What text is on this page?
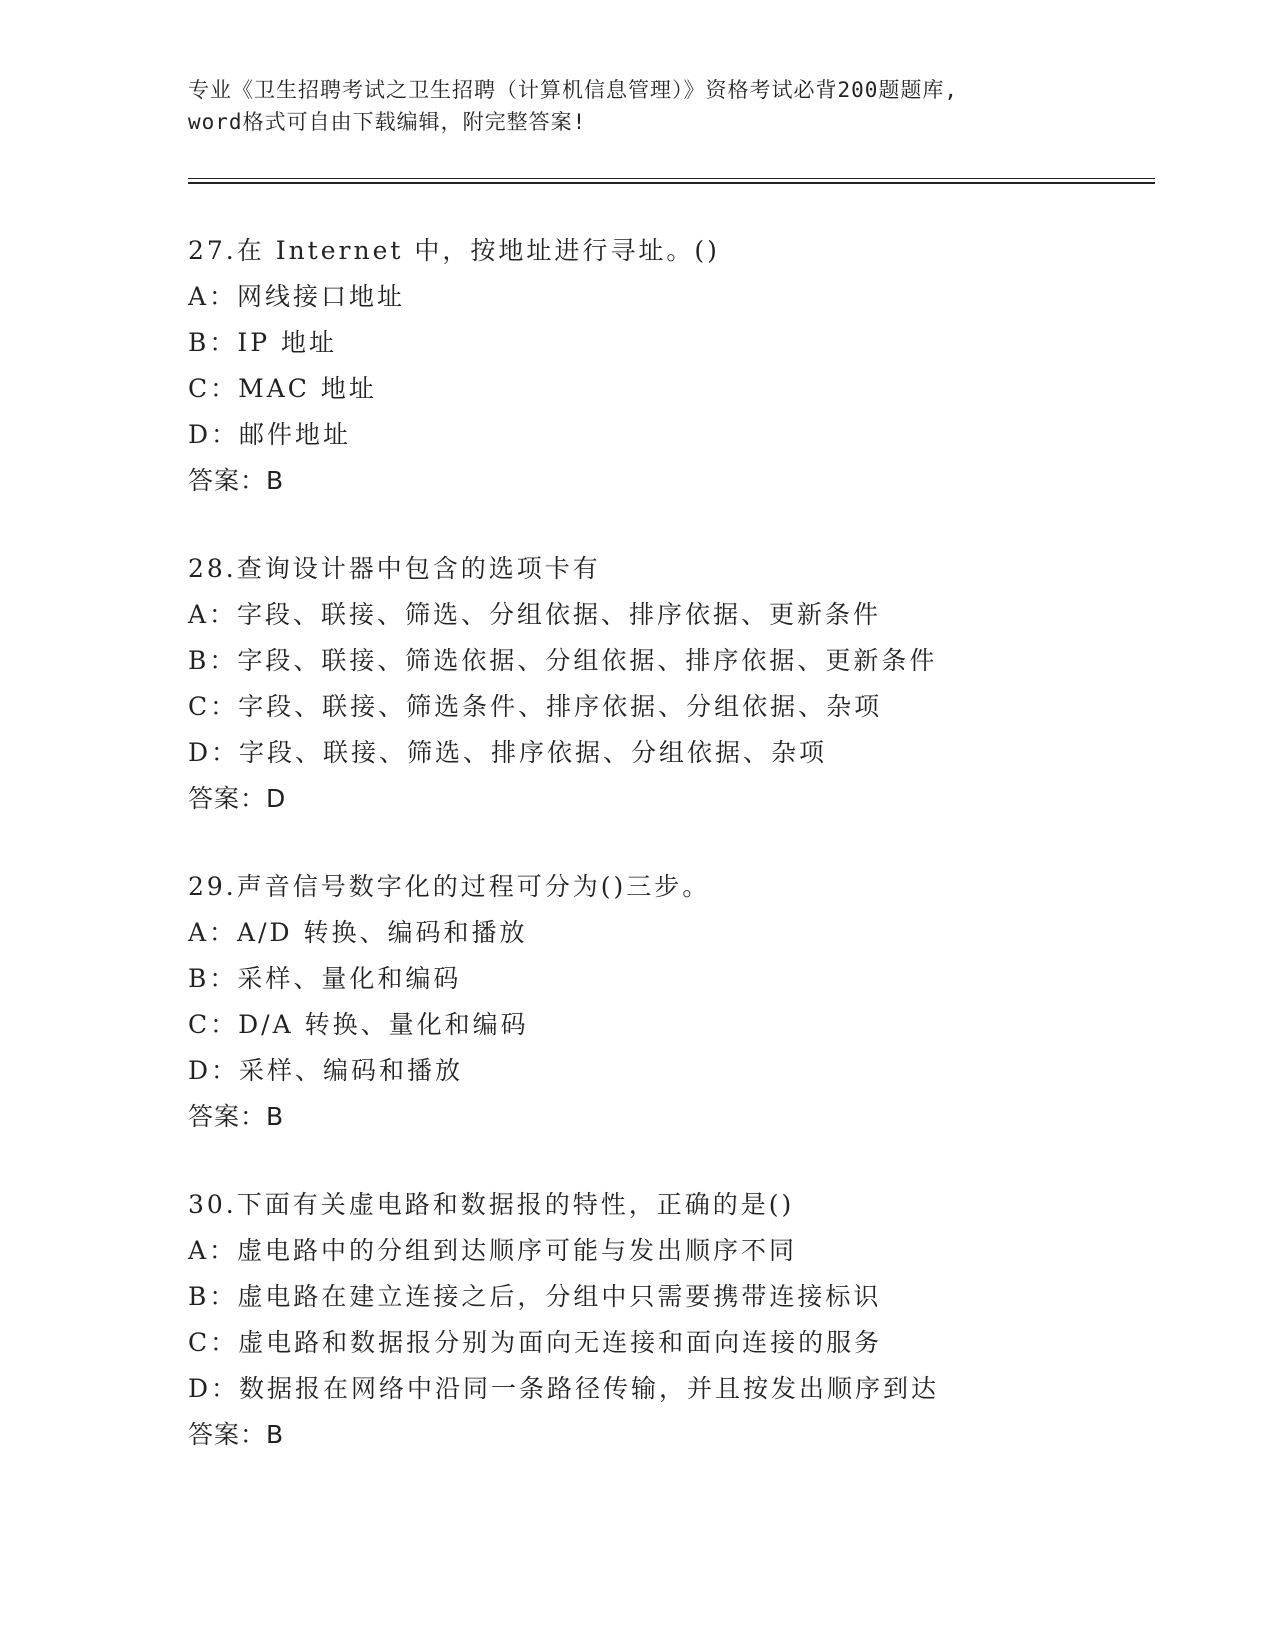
专业《卫生招聘考试之卫生招聘（计算机信息管理）》资格考试必背200题题库,
word格式可自由下载编辑，附完整答案!
27.在 Internet 中，按地址进行寻址。()
A：网线接口地址
B：IP 地址
C：MAC 地址
D：邮件地址
答案：B
28.查询设计器中包含的选项卡有
A：字段、联接、筛选、分组依据、排序依据、更新条件
B：字段、联接、筛选依据、分组依据、排序依据、更新条件
C：字段、联接、筛选条件、排序依据、分组依据、杂项
D：字段、联接、筛选、排序依据、分组依据、杂项
答案：D
29.声音信号数字化的过程可分为()三步。
A：A/D 转换、编码和播放
B：采样、量化和编码
C：D/A 转换、量化和编码
D：采样、编码和播放
答案：B
30.下面有关虚电路和数据报的特性，正确的是()
A：虚电路中的分组到达顺序可能与发出顺序不同
B：虚电路在建立连接之后，分组中只需要携带连接标识
C：虚电路和数据报分别为面向无连接和面向连接的服务
D：数据报在网络中沿同一条路径传输，并且按发出顺序到达
答案：B
